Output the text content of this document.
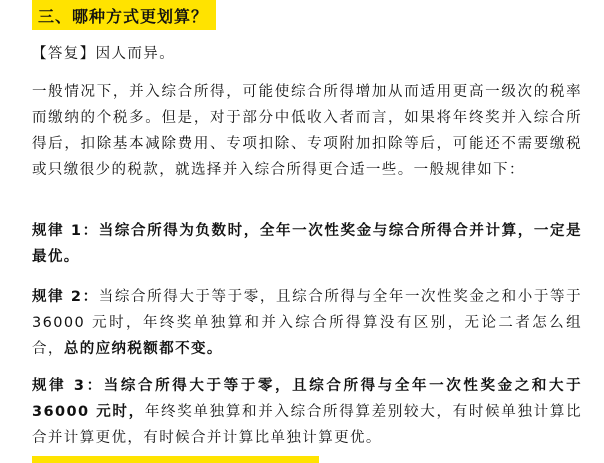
三、哪种方式更划算？

【答复】因人而异。

一般情况下，并入综合所得，可能使综合所得增加从而适用更高一级次的税率而缴纳的个税多。但是，对于部分中低收入者而言，如果将年终奖并入综合所得后，扣除基本减除费用、专项扣除、专项附加扣除等后，可能还不需要缴税或只缴很少的税款，就选择并入综合所得更合适一些。一般规律如下：

规律 1：当综合所得为负数时，全年一次性奖金与综合所得合并计算，一定是最优。

规律 2：当综合所得大于等于零，且综合所得与全年一次性奖金之和小于等于 36000 元时，年终奖单独算和并入综合所得算没有区别，无论二者怎么组合，总的应纳税额都不变。

规律 3：当综合所得大于等于零，且综合所得与全年一次性奖金之和大于 36000 元时，年终奖单独算和并入综合所得算差别较大，有时候单独计算比合并计算更优，有时候合并计算比单独计算更优。
